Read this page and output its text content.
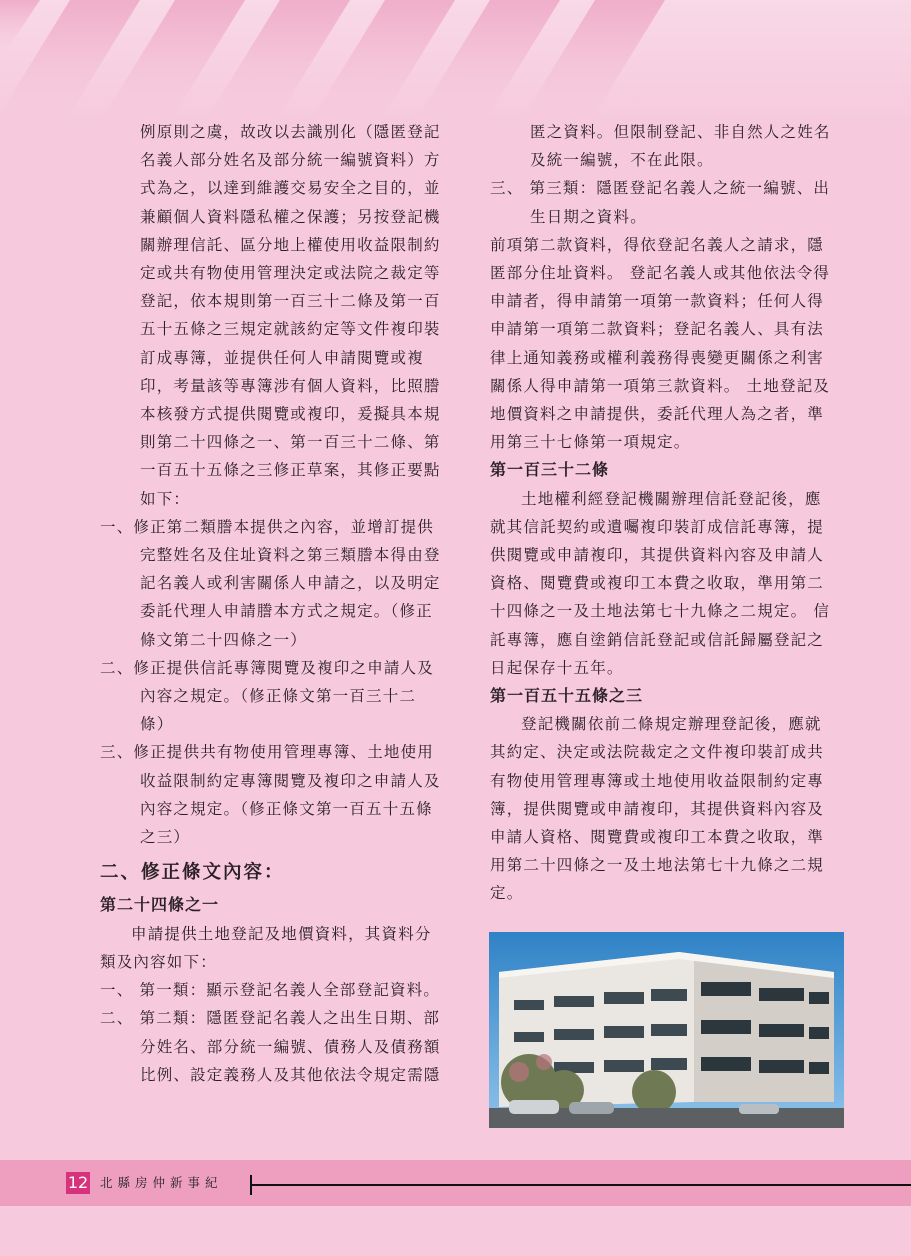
例原則之虞，故改以去識別化（隱匿登記
名義人部分姓名及部分統一編號資料）方
式為之，以達到維護交易安全之目的，並
兼顧個人資料隱私權之保護；另按登記機
關辦理信託、區分地上權使用收益限制約
定或共有物使用管理決定或法院之裁定等
登記，依本規則第一百三十二條及第一百
五十五條之三規定就該約定等文件複印裝
訂成專簿，並提供任何人申請閱覽或複
印，考量該等專簿涉有個人資料，比照謄
本核發方式提供閱覽或複印，爰擬具本規
則第二十四條之一、第一百三十二條、第
一百五十五條之三修正草案，其修正要點
如下：
一、修正第二類謄本提供之內容，並增訂提供
完整姓名及住址資料之第三類謄本得由登
記名義人或利害關係人申請之，以及明定
委託代理人申請謄本方式之規定。（修正
條文第二十四條之一）
二、修正提供信託專簿閱覽及複印之申請人及
內容之規定。（修正條文第一百三十二
條）
三、修正提供共有物使用管理專簿、土地使用
收益限制約定專簿閱覽及複印之申請人及
內容之規定。（修正條文第一百五十五條
之三）
二、修正條文內容：
第二十四條之一
申請提供土地登記及地價資料，其資料分
類及內容如下：
一、 第一類：顯示登記名義人全部登記資料。
二、 第二類：隱匿登記名義人之出生日期、部
分姓名、部分統一編號、債務人及債務額
比例、設定義務人及其他依法令規定需隱
匿之資料。但限制登記、非自然人之姓名
及統一編號，不在此限。
三、 第三類：隱匿登記名義人之統一編號、出
生日期之資料。
前項第二款資料，得依登記名義人之請求，隱
匿部分住址資料。 登記名義人或其他依法令得
申請者，得申請第一項第一款資料；任何人得
申請第一項第二款資料；登記名義人、具有法
律上通知義務或權利義務得喪變更關係之利害
關係人得申請第一項第三款資料。 土地登記及
地價資料之申請提供，委託代理人為之者，準
用第三十七條第一項規定。
第一百三十二條
土地權利經登記機關辦理信託登記後，應
就其信託契約或遺囑複印裝訂成信託專簿，提
供閱覽或申請複印，其提供資料內容及申請人
資格、閱覽費或複印工本費之收取，準用第二
十四條之一及土地法第七十九條之二規定。 信
託專簿，應自塗銷信託登記或信託歸屬登記之
日起保存十五年。
第一百五十五條之三
登記機關依前二條規定辦理登記後，應就
其約定、決定或法院裁定之文件複印裝訂成共
有物使用管理專簿或土地使用收益限制約定專
簿，提供閱覽或申請複印，其提供資料內容及
申請人資格、閱覽費或複印工本費之收取，準
用第二十四條之一及土地法第七十九條之二規
定。
12 北縣房仲新事紀
